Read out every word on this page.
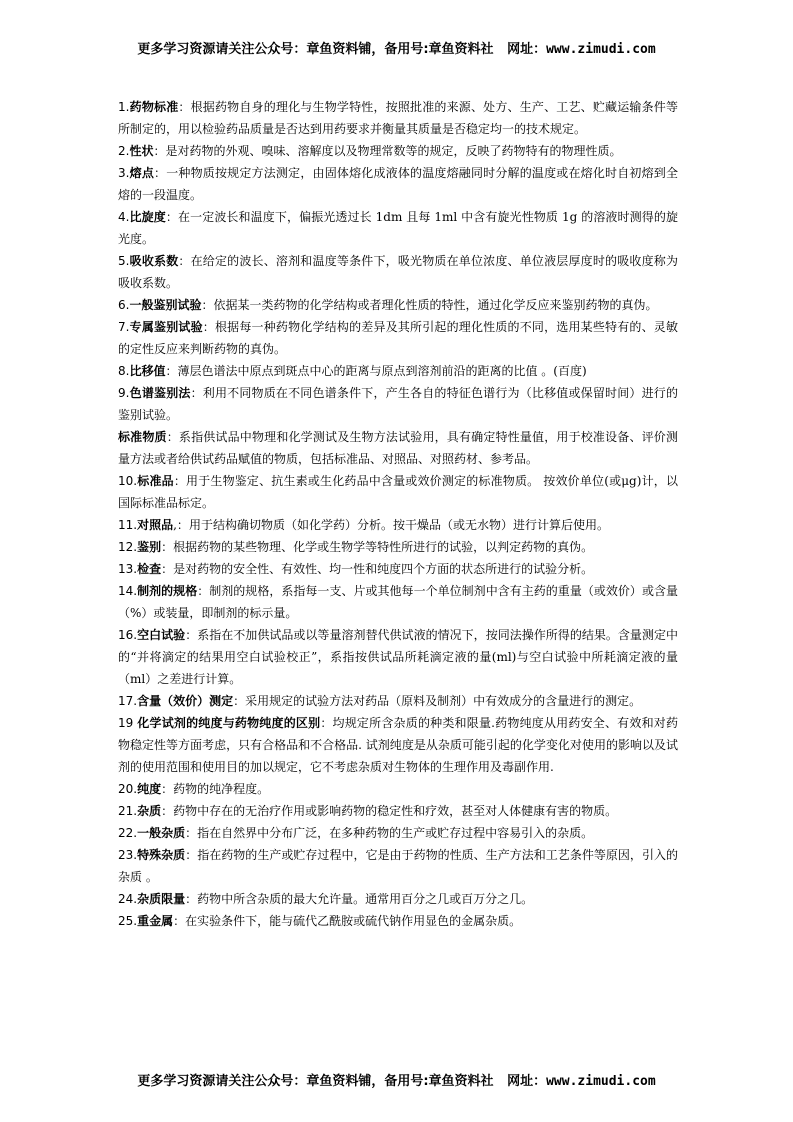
更多学习资源请关注公众号：章鱼资料铺，备用号:章鱼资料社 网址：www.zimudi.com

1.药物标准：根据药物自身的理化与生物学特性，按照批准的来源、处方、生产、工艺、贮藏运输条件等所制定的，用以检验药品质量是否达到用药要求并衡量其质量是否稳定均一的技术规定。

2.性状：是对药物的外观、嗅味、溶解度以及物理常数等的规定，反映了药物特有的物理性质。

3.熔点：一种物质按规定方法测定，由固体熔化成液体的温度熔融同时分解的温度或在熔化时自初熔到全熔的一段温度。

4.比旋度：在一定波长和温度下，偏振光透过长 1dm 且每 1ml 中含有旋光性物质 1g 的溶液时测得的旋光度。

5.吸收系数：在给定的波长、溶剂和温度等条件下，吸光物质在单位浓度、单位液层厚度时的吸收度称为吸收系数。

6.一般鉴别试验：依据某一类药物的化学结构或者理化性质的特性，通过化学反应来鉴别药物的真伪。

7.专属鉴别试验：根据每一种药物化学结构的差异及其所引起的理化性质的不同，选用某些特有的、灵敏的定性反应来判断药物的真伪。

8.比移值：薄层色谱法中原点到斑点中心的距离与原点到溶剂前沿的距离的比值 。(百度)

9.色谱鉴别法：利用不同物质在不同色谱条件下，产生各自的特征色谱行为（比移值或保留时间）进行的鉴别试验。

标准物质：系指供试品中物理和化学测试及生物方法试验用，具有确定特性量值，用于校准设备、评价测量方法或者给供试药品赋值的物质，包括标准品、对照品、对照药材、参考品。

10.标准品：用于生物鉴定、抗生素或生化药品中含量或效价测定的标准物质。 按效价单位(或μg)计，以国际标准品标定。

11.对照品,：用于结构确切物质（如化学药）分析。按干燥品（或无水物）进行计算后使用。

12.鉴别：根据药物的某些物理、化学或生物学等特性所进行的试验，以判定药物的真伪。

13.检查：是对药物的安全性、有效性、均一性和纯度四个方面的状态所进行的试验分析。

14.制剂的规格：制剂的规格，系指每一支、片或其他每一个单位制剂中含有主药的重量（或效价）或含量（%）或装量，即制剂的标示量。

16.空白试验：系指在不加供试品或以等量溶剂替代供试液的情况下，按同法操作所得的结果。含量测定中的“并将滴定的结果用空白试验校正”，系指按供试品所耗滴定液的量(ml)与空白试验中所耗滴定液的量（ml）之差进行计算。

17.含量（效价）测定：采用规定的试验方法对药品（原料及制剂）中有效成分的含量进行的测定。

19 化学试剂的纯度与药物纯度的区别：均规定所含杂质的种类和限量.药物纯度从用药安全、有效和对药物稳定性等方面考虑，只有合格品和不合格品. 试剂纯度是从杂质可能引起的化学变化对使用的影响以及试剂的使用范围和使用目的加以规定，它不考虑杂质对生物体的生理作用及毒副作用.

20.纯度：药物的纯净程度。

21.杂质：药物中存在的无治疗作用或影响药物的稳定性和疗效，甚至对人体健康有害的物质。

22.一般杂质：指在自然界中分布广泛，在多种药物的生产或贮存过程中容易引入的杂质。

23.特殊杂质：指在药物的生产或贮存过程中，它是由于药物的性质、生产方法和工艺条件等原因，引入的杂质 。

24.杂质限量：药物中所含杂质的最大允许量。通常用百分之几或百万分之几。

25.重金属：在实验条件下，能与硫代乙酰胺或硫代钠作用显色的金属杂质。

更多学习资源请关注公众号：章鱼资料铺，备用号:章鱼资料社 网址：www.zimudi.com
